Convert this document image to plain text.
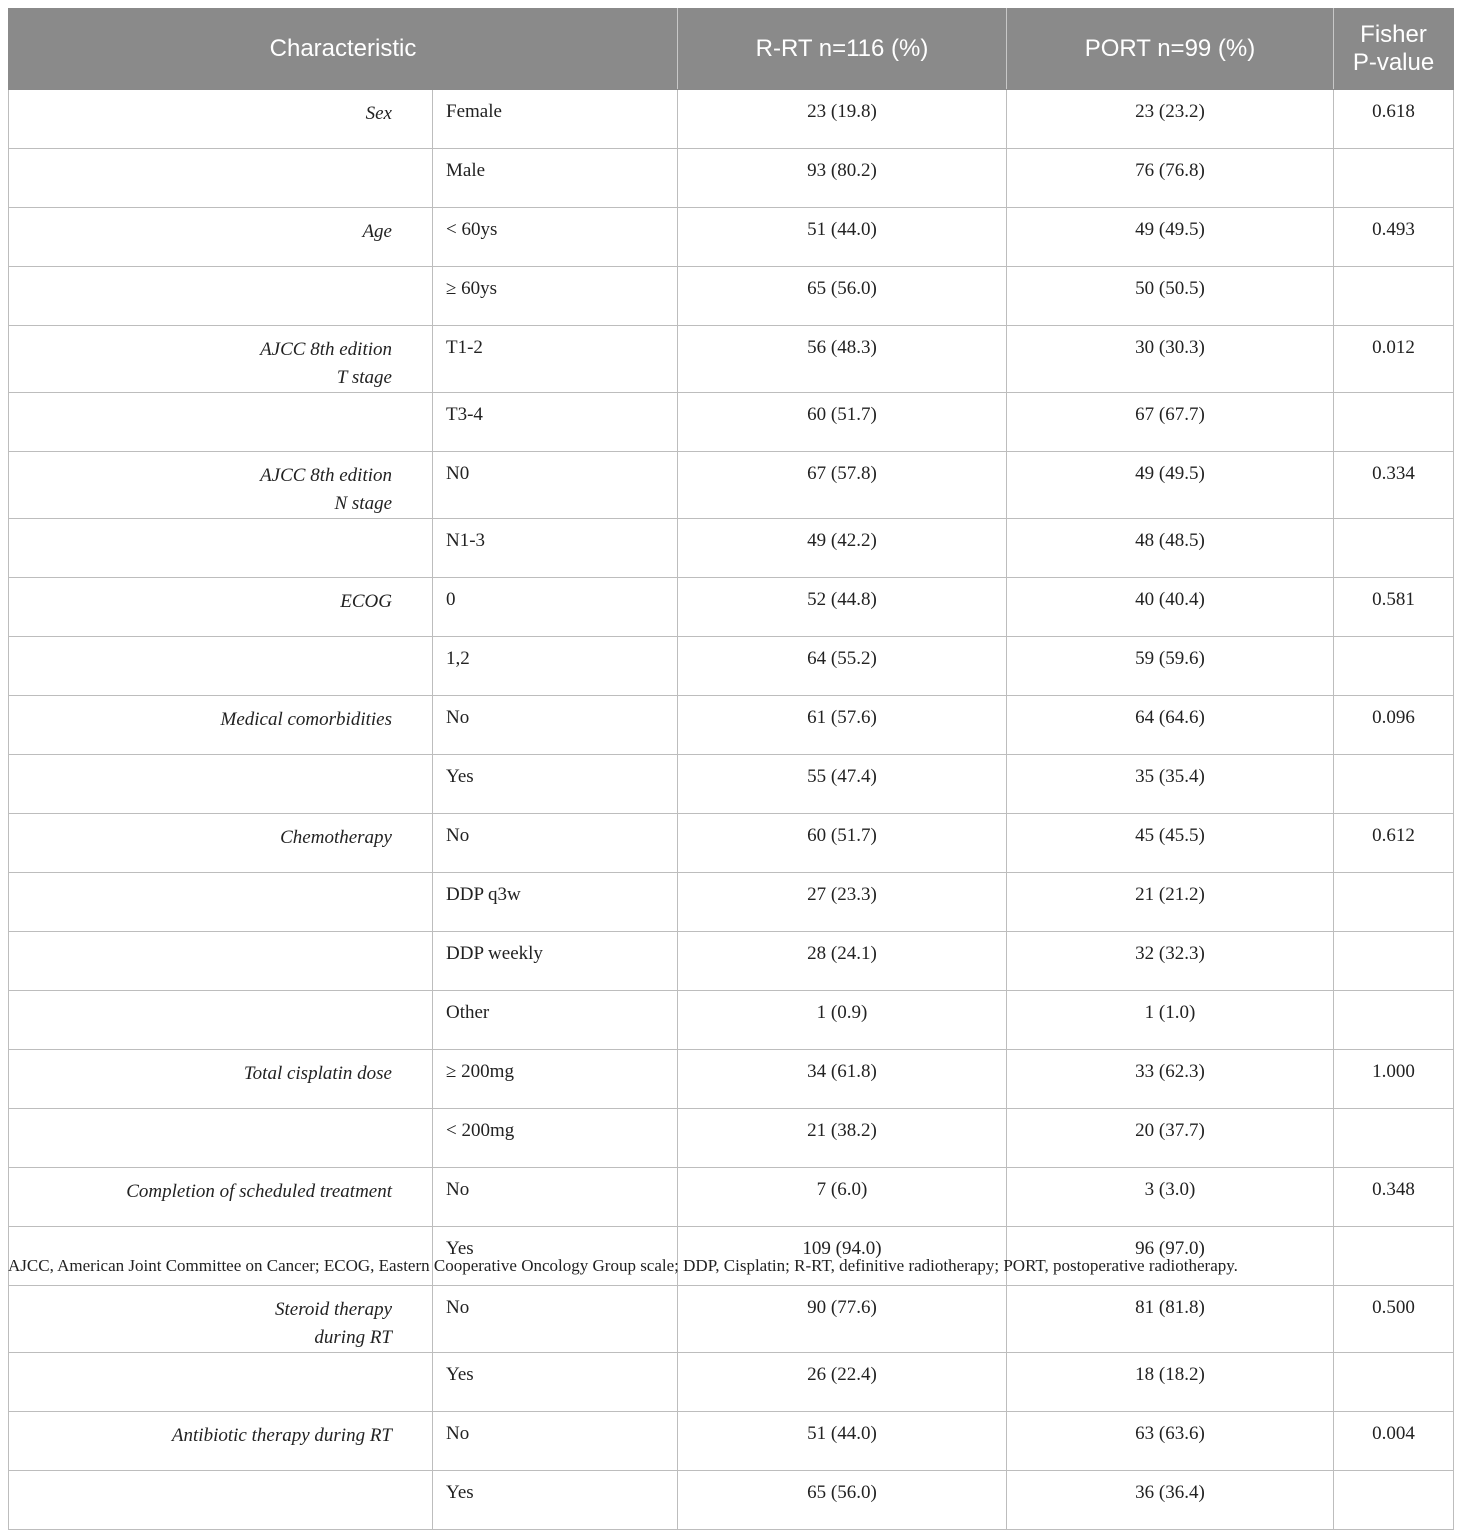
Characteristic		R-RT n=116 (%)	PORT n=99 (%)	Fisher
P-value

Sex	Female	23 (19.8)	23 (23.2)	0.618
	Male	93 (80.2)	76 (76.8)	

Age	< 60ys	51 (44.0)	49 (49.5)	0.493
	≥ 60ys	65 (56.0)	50 (50.5)	

AJCC 8th edition
T stage	T1-2	56 (48.3)	30 (30.3)	0.012
	T3-4	60 (51.7)	67 (67.7)	

AJCC 8th edition
N stage	N0	67 (57.8)	49 (49.5)	0.334
	N1-3	49 (42.2)	48 (48.5)	

ECOG	0	52 (44.8)	40 (40.4)	0.581
	1,2	64 (55.2)	59 (59.6)	

Medical comorbidities	No	61 (57.6)	64 (64.6)	0.096
	Yes	55 (47.4)	35 (35.4)	

Chemotherapy	No	60 (51.7)	45 (45.5)	0.612
	DDP q3w	27 (23.3)	21 (21.2)	
	DDP weekly	28 (24.1)	32 (32.3)	
	Other	1 (0.9)	1 (1.0)	

Total cisplatin dose	≥ 200mg	34 (61.8)	33 (62.3)	1.000
	< 200mg	21 (38.2)	20 (37.7)	

Completion of scheduled treatment	No	7 (6.0)	3 (3.0)	0.348
	Yes	109 (94.0)	96 (97.0)	

Steroid therapy
during RT	No	90 (77.6)	81 (81.8)	0.500
	Yes	26 (22.4)	18 (18.2)	

Antibiotic therapy during RT	No	51 (44.0)	63 (63.6)	0.004
	Yes	65 (56.0)	36 (36.4)	
AJCC, American Joint Committee on Cancer; ECOG, Eastern Cooperative Oncology Group scale; DDP, Cisplatin; R-RT, definitive radiotherapy; PORT, postoperative radiotherapy.
